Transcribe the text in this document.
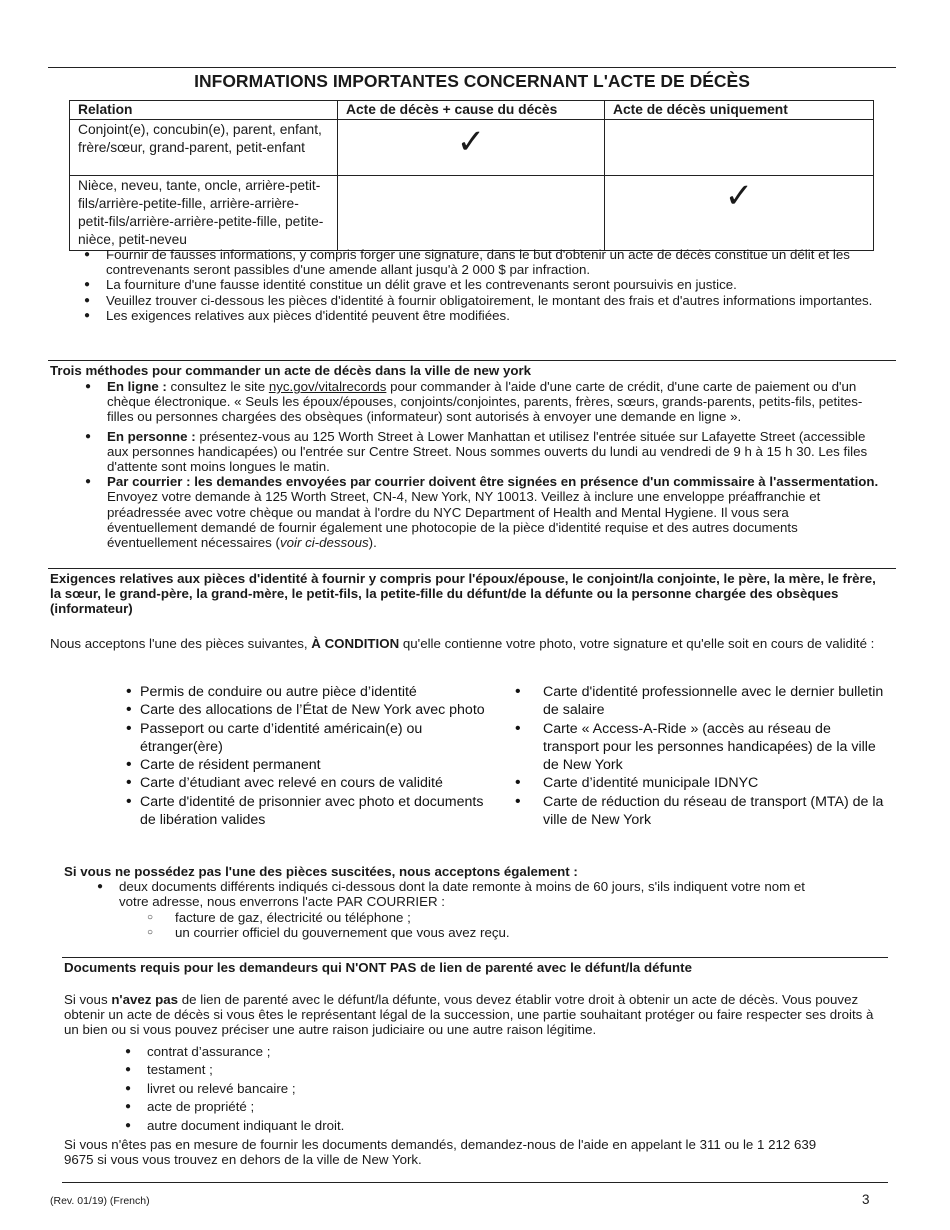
INFORMATIONS IMPORTANTES CONCERNANT L'ACTE DE DÉCÈS
Relation	Acte de décès + cause du décès	Acte de décès uniquement
Conjoint(e), concubin(e), parent, enfant, frère/sœur, grand-parent, petit-enfant	✓	

Nièce, neveu, tante, oncle, arrière-petit-fils/arrière-petite-fille, arrière-arrière-petit-fils/arrière-arrière-petite-fille, petite-nièce, petit-neveu		✓
● Fournir de fausses informations, y compris forger une signature, dans le but d'obtenir un acte de décès constitue un délit et les contrevenants seront passibles d'une amende allant jusqu'à 2 000 $ par infraction.
● La fourniture d'une fausse identité constitue un délit grave et les contrevenants seront poursuivis en justice.
● Veuillez trouver ci-dessous les pièces d'identité à fournir obligatoirement, le montant des frais et d'autres informations importantes.
● Les exigences relatives aux pièces d'identité peuvent être modifiées.
Trois méthodes pour commander un acte de décès dans la ville de new york
● En ligne : consultez le site nyc.gov/vitalrecords pour commander à l'aide d'une carte de crédit, d'une carte de paiement ou d'un chèque électronique. « Seuls les époux/épouses, conjoints/conjointes, parents, frères, sœurs, grands-parents, petits-fils, petites-filles ou personnes chargées des obsèques (informateur) sont autorisés à envoyer une demande en ligne ».
● En personne : présentez-vous au 125 Worth Street à Lower Manhattan et utilisez l'entrée située sur Lafayette Street (accessible aux personnes handicapées) ou l'entrée sur Centre Street. Nous sommes ouverts du lundi au vendredi de 9 h à 15 h 30. Les files d'attente sont moins longues le matin.
● Par courrier : les demandes envoyées par courrier doivent être signées en présence d'un commissaire à l'assermentation. Envoyez votre demande à 125 Worth Street, CN-4, New York, NY 10013. Veillez à inclure une enveloppe préaffranchie et préadressée avec votre chèque ou mandat à l'ordre du NYC Department of Health and Mental Hygiene. Il vous sera éventuellement demandé de fournir également une photocopie de la pièce d'identité requise et des autres documents éventuellement nécessaires (voir ci-dessous).
Exigences relatives aux pièces d'identité à fournir y compris pour l'époux/épouse, le conjoint/la conjointe, le père, la mère, le frère, la sœur, le grand-père, la grand-mère, le petit-fils, la petite-fille du défunt/de la défunte ou la personne chargée des obsèques (informateur)
Nous acceptons l'une des pièces suivantes, À CONDITION qu'elle contienne votre photo, votre signature et qu'elle soit en cours de validité :
• Permis de conduire ou autre pièce d’identité
• Carte des allocations de l’État de New York avec photo
• Passeport ou carte d’identité américain(e) ou étranger(ère)
• Carte de résident permanent
• Carte d’étudiant avec relevé en cours de validité
• Carte d'identité de prisonnier avec photo et documents de libération valides
• Carte d'identité professionnelle avec le dernier bulletin de salaire
• Carte « Access-A-Ride » (accès au réseau de transport pour les personnes handicapées) de la ville de New York
• Carte d’identité municipale IDNYC
• Carte de réduction du réseau de transport (MTA) de la ville de New York
Si vous ne possédez pas l'une des pièces suscitées, nous acceptons également :
● deux documents différents indiqués ci-dessous dont la date remonte à moins de 60 jours, s'ils indiquent votre nom et votre adresse, nous enverrons l'acte PAR COURRIER :
○ facture de gaz, électricité ou téléphone ;
○ un courrier officiel du gouvernement que vous avez reçu.
Documents requis pour les demandeurs qui N'ONT PAS de lien de parenté avec le défunt/la défunte
Si vous n'avez pas de lien de parenté avec le défunt/la défunte, vous devez établir votre droit à obtenir un acte de décès. Vous pouvez obtenir un acte de décès si vous êtes le représentant légal de la succession, une partie souhaitant protéger ou faire respecter ses droits à un bien ou si vous pouvez préciser une autre raison judiciaire ou une autre raison légitime.
● contrat d’assurance ;
● testament ;
● livret ou relevé bancaire ;
● acte de propriété ;
● autre document indiquant le droit.
Si vous n'êtes pas en mesure de fournir les documents demandés, demandez-nous de l'aide en appelant le 311 ou le 1 212 639 9675 si vous vous trouvez en dehors de la ville de New York.
(Rev. 01/19) (French)	3
